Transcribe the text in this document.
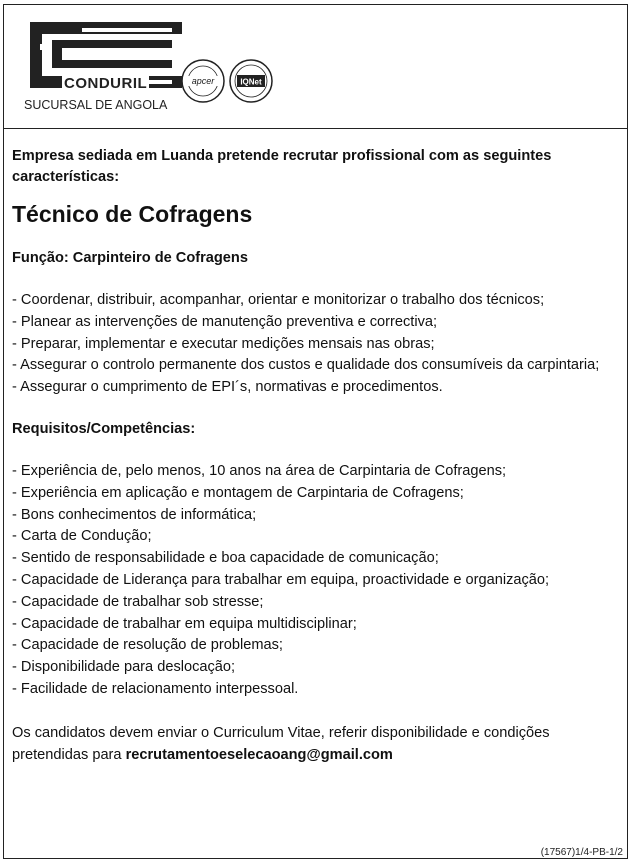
CONDURIL
SUCURSAL DE ANGOLA
apcer	IQNet

Empresa sediada em Luanda pretende recrutar profissional com as seguintes características:

Técnico de Cofragens
Função: Carpinteiro de Cofragens
- Coordenar, distribuir, acompanhar, orientar e monitorizar o trabalho dos técnicos;
- Planear as intervenções de manutenção preventiva e correctiva;
- Preparar, implementar e executar medições mensais nas obras;
- Assegurar o controlo permanente dos custos e qualidade dos consumíveis da carpintaria;
- Assegurar o cumprimento de EPI´s, normativas e procedimentos.
Requisitos/Competências:
- Experiência de, pelo menos, 10 anos na área de Carpintaria de Cofragens;
- Experiência em aplicação e montagem de Carpintaria de Cofragens;
- Bons conhecimentos de informática;
- Carta de Condução;
- Sentido de responsabilidade e boa capacidade de comunicação;
- Capacidade de Liderança para trabalhar em equipa, proactividade e organização;
- Capacidade de trabalhar sob stresse;
- Capacidade de trabalhar em equipa multidisciplinar;
- Capacidade de resolução de problemas;
- Disponibilidade para deslocação;
- Facilidade de relacionamento interpessoal.

Os candidatos devem enviar o Curriculum Vitae, referir disponibilidade e condições pretendidas para recrutamentoeselecaoang@gmail.com

(17567)1/4-PB-1/2
